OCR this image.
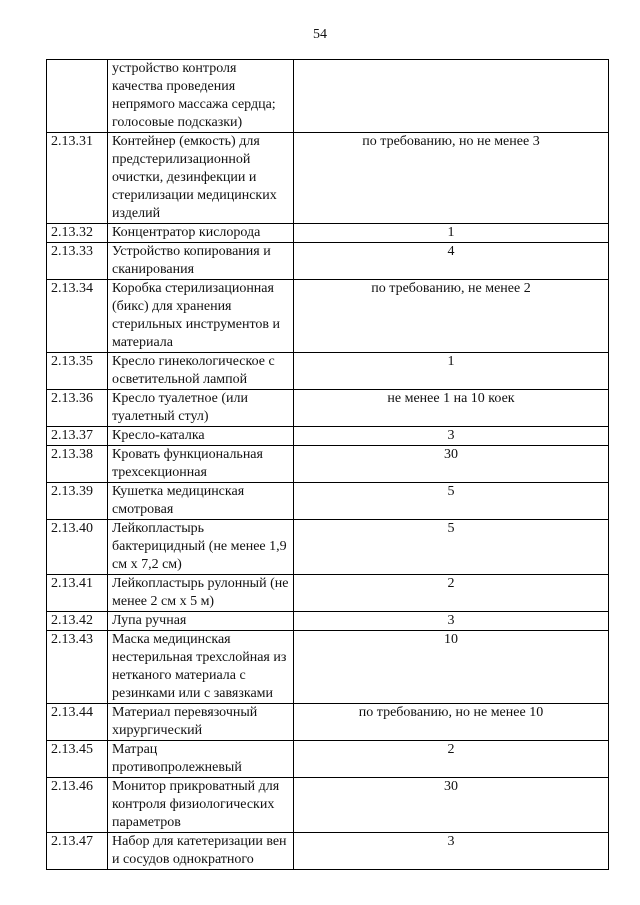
54
	устройство контроля качества проведения непрямого массажа сердца; голосовые подсказки)	
2.13.31	Контейнер (емкость) для предстерилизационной очистки, дезинфекции и стерилизации медицинских изделий	по требованию, но не менее 3
2.13.32	Концентратор кислорода	1
2.13.33	Устройство копирования и сканирования	4
2.13.34	Коробка стерилизационная (бикс) для хранения стерильных инструментов и материала	по требованию, не менее 2
2.13.35	Кресло гинекологическое с осветительной лампой	1
2.13.36	Кресло туалетное (или туалетный стул)	не менее 1 на 10 коек
2.13.37	Кресло-каталка	3
2.13.38	Кровать функциональная трехсекционная	30
2.13.39	Кушетка медицинская смотровая	5
2.13.40	Лейкопластырь бактерицидный (не менее 1,9 см х 7,2 см)	5
2.13.41	Лейкопластырь рулонный (не менее 2 см х 5 м)	2
2.13.42	Лупа ручная	3
2.13.43	Маска медицинская нестерильная трехслойная из нетканого материала с резинками или с завязками	10
2.13.44	Материал перевязочный хирургический	по требованию, но не менее 10
2.13.45	Матрац противопролежневый	2
2.13.46	Монитор прикроватный для контроля физиологических параметров	30
2.13.47	Набор для катетеризации вен и сосудов однократного	3
